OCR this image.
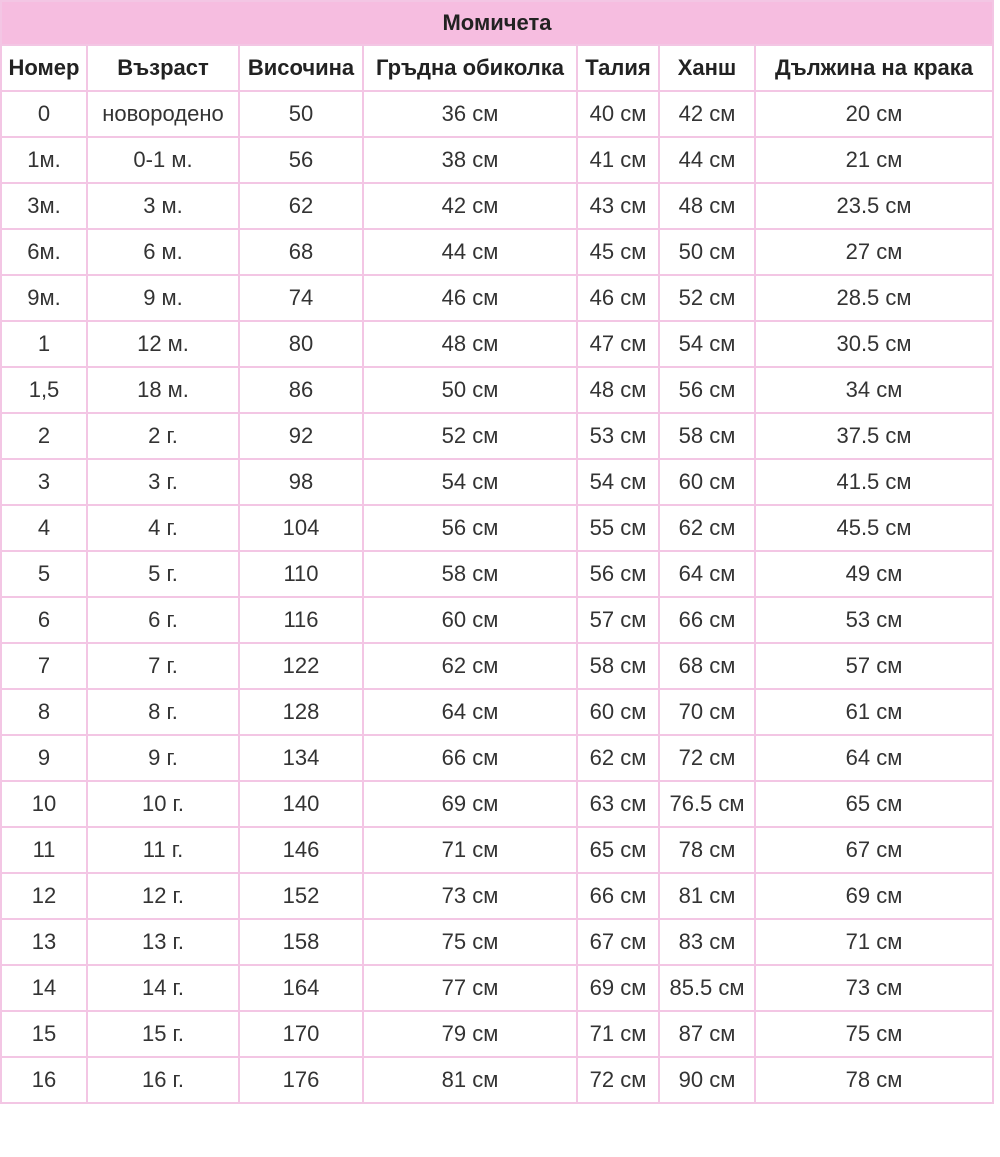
Момичета						
Номер	Възраст	Височина	Гръдна обиколка	Талия	Ханш	Дължина на крака
0	новородено	50	36 см	40 см	42 см	20 см
1м.	0-1 м.	56	38 см	41 см	44 см	21 см
3м.	3 м.	62	42 см	43 см	48 см	23.5 см
6м.	6 м.	68	44 см	45 см	50 см	27 см
9м.	9 м.	74	46 см	46 см	52 см	28.5 см
1	12 м.	80	48 см	47 см	54 см	30.5 см
1,5	18 м.	86	50 см	48 см	56 см	34 см
2	2 г.	92	52 см	53 см	58 см	37.5 см
3	3 г.	98	54 см	54 см	60 см	41.5 см
4	4 г.	104	56 см	55 см	62 см	45.5 см
5	5 г.	110	58 см	56 см	64 см	49 см
6	6 г.	116	60 см	57 см	66 см	53 см
7	7 г.	122	62 см	58 см	68 см	57 см
8	8 г.	128	64 см	60 см	70 см	61 см
9	9 г.	134	66 см	62 см	72 см	64 см
10	10 г.	140	69 см	63 см	76.5 см	65 см
11	11 г.	146	71 см	65 см	78 см	67 см
12	12 г.	152	73 см	66 см	81 см	69 см
13	13 г.	158	75 см	67 см	83 см	71 см
14	14 г.	164	77 см	69 см	85.5 см	73 см
15	15 г.	170	79 см	71 см	87 см	75 см
16	16 г.	176	81 см	72 см	90 см	78 см
